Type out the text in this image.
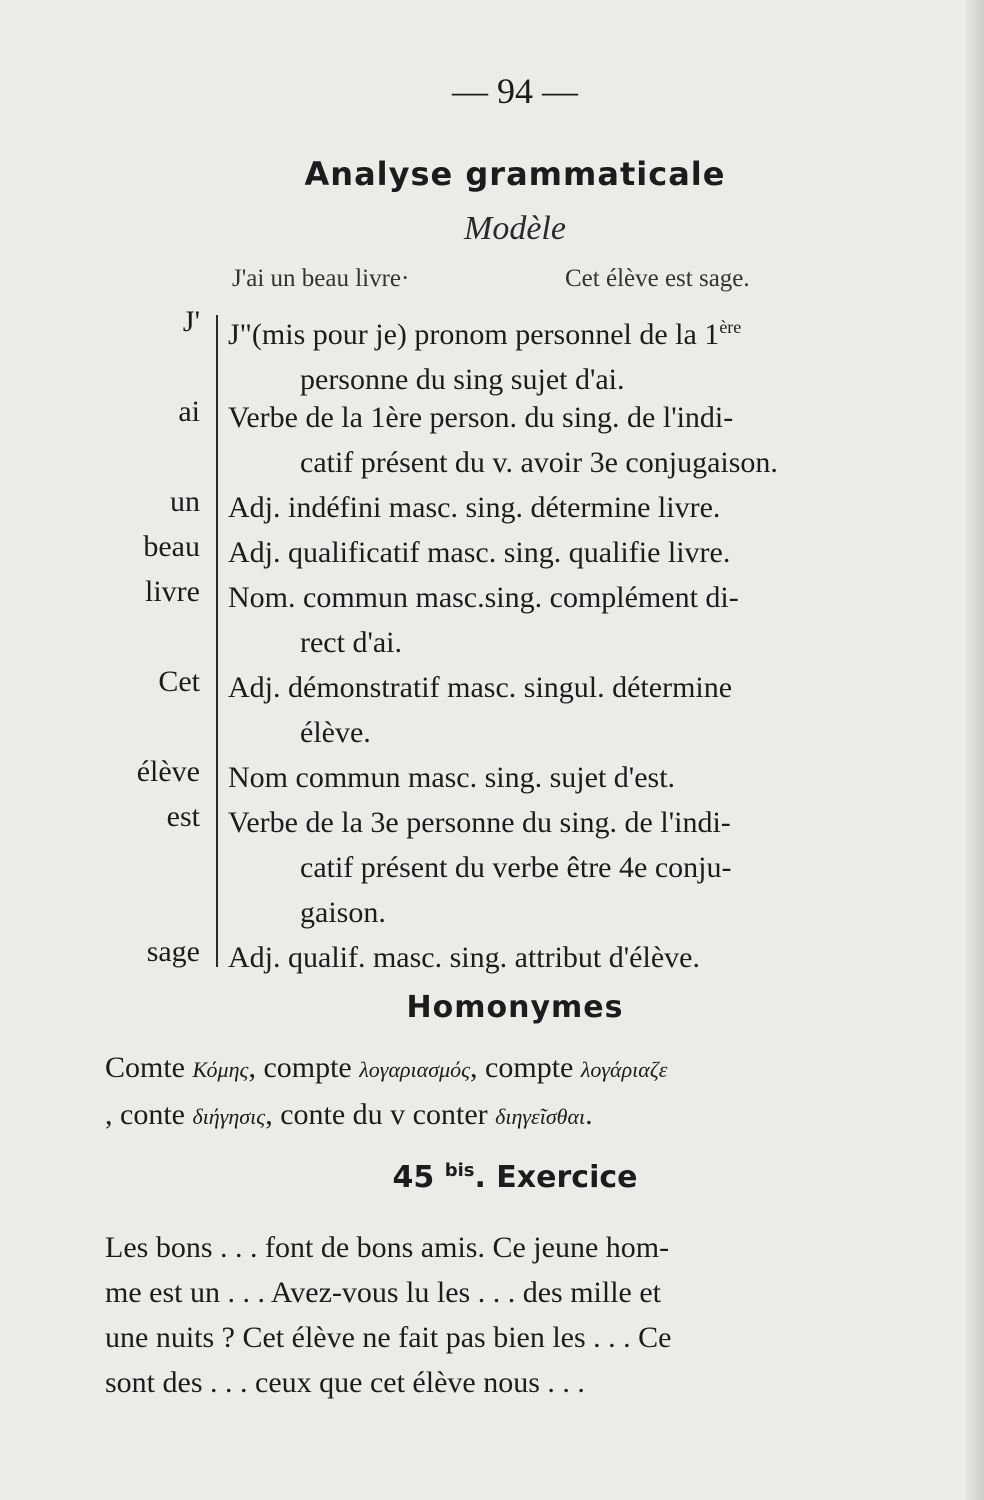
— 94 —
Analyse grammaticale
Modèle
J'ai un beau livre·	Cet élève est sage.
J' J"(mis pour je) pronom personnel de la 1ère
personne du sing sujet d'ai.
ai Verbe de la 1ère person. du sing. de l'indi-
catif présent du v. avoir 3e conjugaison.
un Adj. indéfini masc. sing. détermine livre.
beau Adj. qualificatif masc. sing. qualifie livre.
livre Nom. commun masc.sing. complément di-
rect d'ai.
Cet Adj. démonstratif masc. singul. détermine
élève.
élève Nom commun masc. sing. sujet d'est.
est Verbe de la 3e personne du sing. de l'indi-
catif présent du verbe être 4e conju-
gaison.
sage Adj. qualif. masc. sing. attribut d'élève.
Homonymes
Comte Κόμης, compte λογαριασμός, compte λογάριαζε
, conte διήγησις, conte du v conter διηγεῖσθαι.
45 $^{bis}$. Exercice
Les bons . . . font de bons amis. Ce jeune hom-
me est un . . . Avez-vous lu les . . . des mille et
une nuits ? Cet élève ne fait pas bien les . . . Ce
sont des . . . ceux que cet élève nous . . .
